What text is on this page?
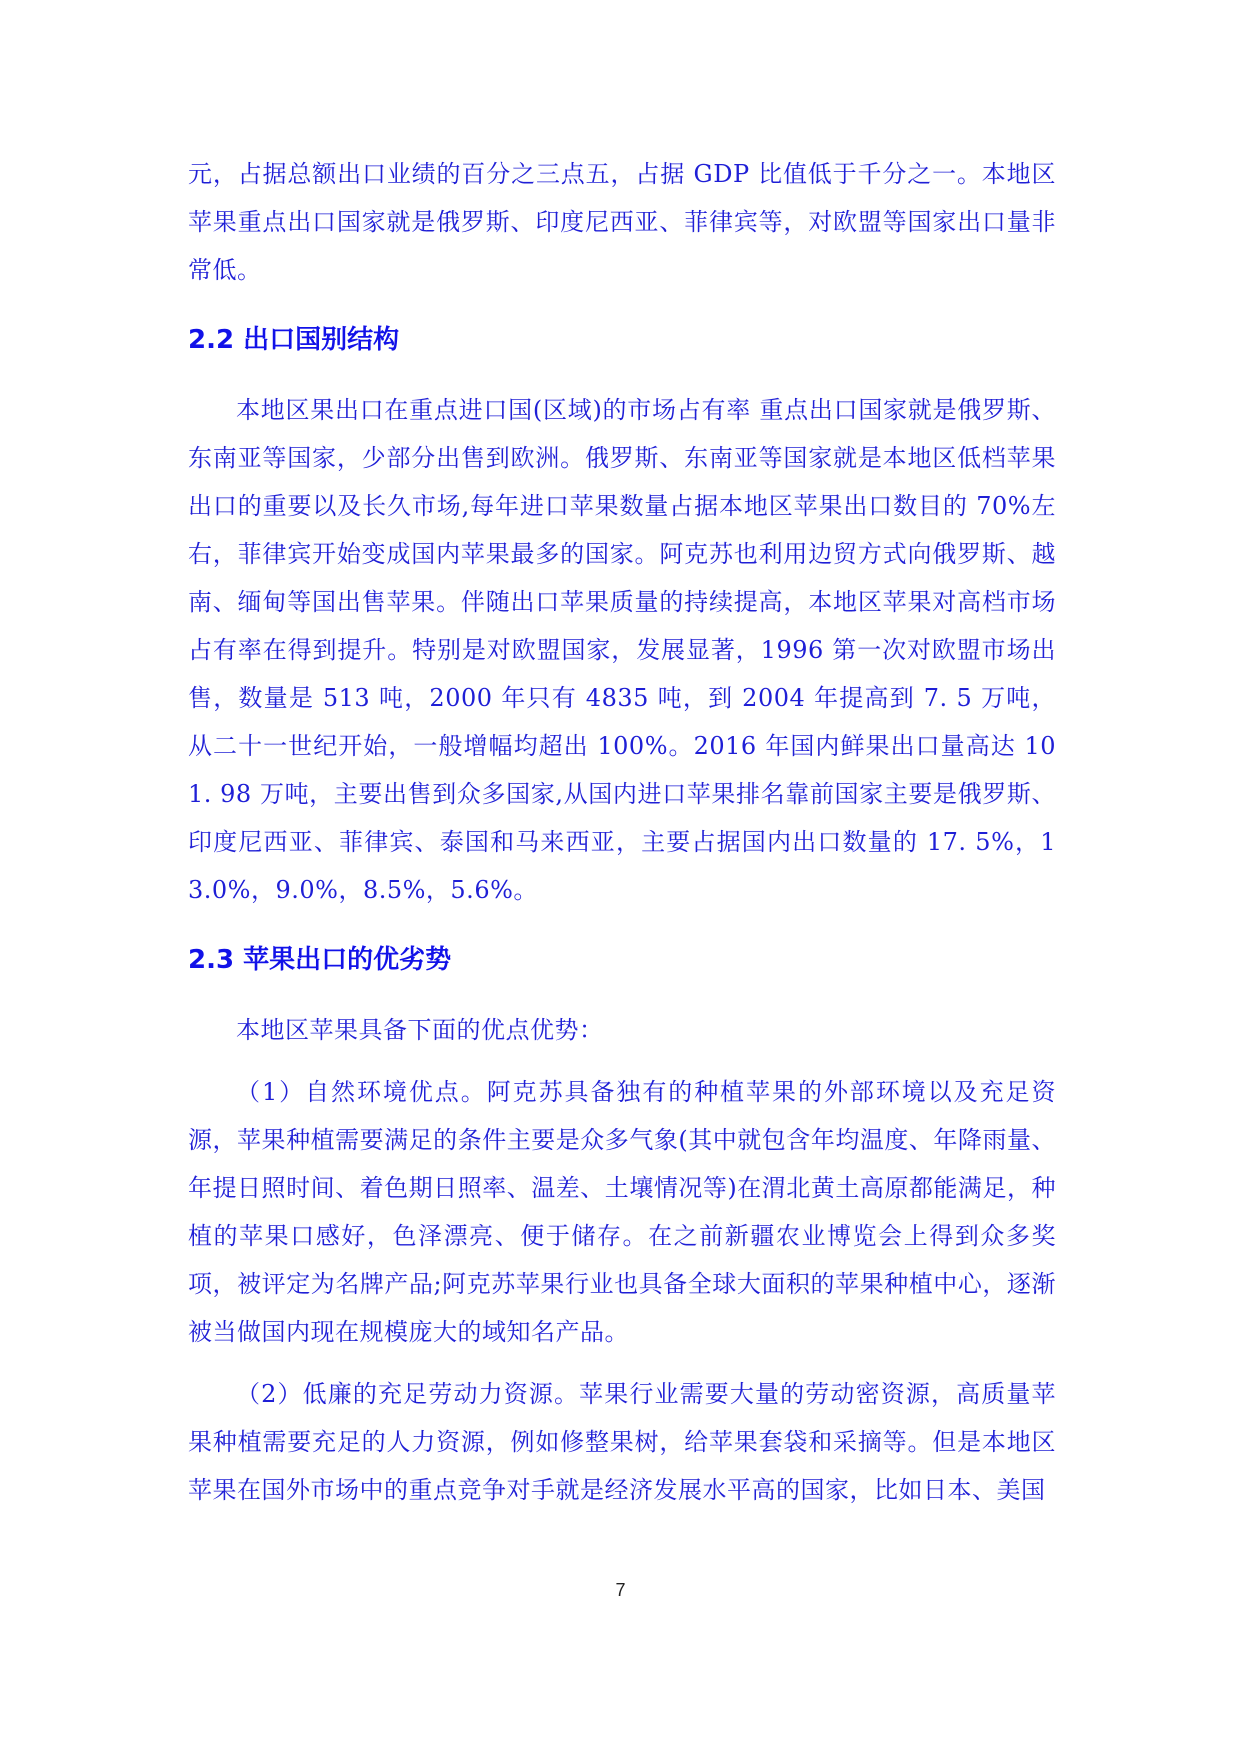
元，占据总额出口业绩的百分之三点五，占据 GDP 比值低于千分之一。本地区苹果重点出口国家就是俄罗斯、印度尼西亚、菲律宾等，对欧盟等国家出口量非常低。

2.2 出口国别结构

本地区果出口在重点进口国(区域)的市场占有率 重点出口国家就是俄罗斯、东南亚等国家，少部分出售到欧洲。俄罗斯、东南亚等国家就是本地区低档苹果出口的重要以及长久市场,每年进口苹果数量占据本地区苹果出口数目的 70%左右，菲律宾开始变成国内苹果最多的国家。阿克苏也利用边贸方式向俄罗斯、越南、缅甸等国出售苹果。伴随出口苹果质量的持续提高，本地区苹果对高档市场占有率在得到提升。特别是对欧盟国家，发展显著，1996 第一次对欧盟市场出售，数量是 513 吨，2000 年只有 4835 吨，到 2004 年提高到 7. 5 万吨，从二十一世纪开始，一般增幅均超出 100%。2016 年国内鲜果出口量高达 101. 98 万吨，主要出售到众多国家,从国内进口苹果排名靠前国家主要是俄罗斯、印度尼西亚、菲律宾、泰国和马来西亚，主要占据国内出口数量的 17. 5%，13.0%，9.0%，8.5%，5.6%。

2.3 苹果出口的优劣势

本地区苹果具备下面的优点优势：

（1）自然环境优点。阿克苏具备独有的种植苹果的外部环境以及充足资源，苹果种植需要满足的条件主要是众多气象(其中就包含年均温度、年降雨量、年提日照时间、着色期日照率、温差、土壤情况等)在渭北黄土高原都能满足，种植的苹果口感好，色泽漂亮、便于储存。在之前新疆农业博览会上得到众多奖项，被评定为名牌产品;阿克苏苹果行业也具备全球大面积的苹果种植中心，逐渐被当做国内现在规模庞大的域知名产品。

（2）低廉的充足劳动力资源。苹果行业需要大量的劳动密资源，高质量苹果种植需要充足的人力资源，例如修整果树，给苹果套袋和采摘等。但是本地区苹果在国外市场中的重点竞争对手就是经济发展水平高的国家，比如日本、美国

7
